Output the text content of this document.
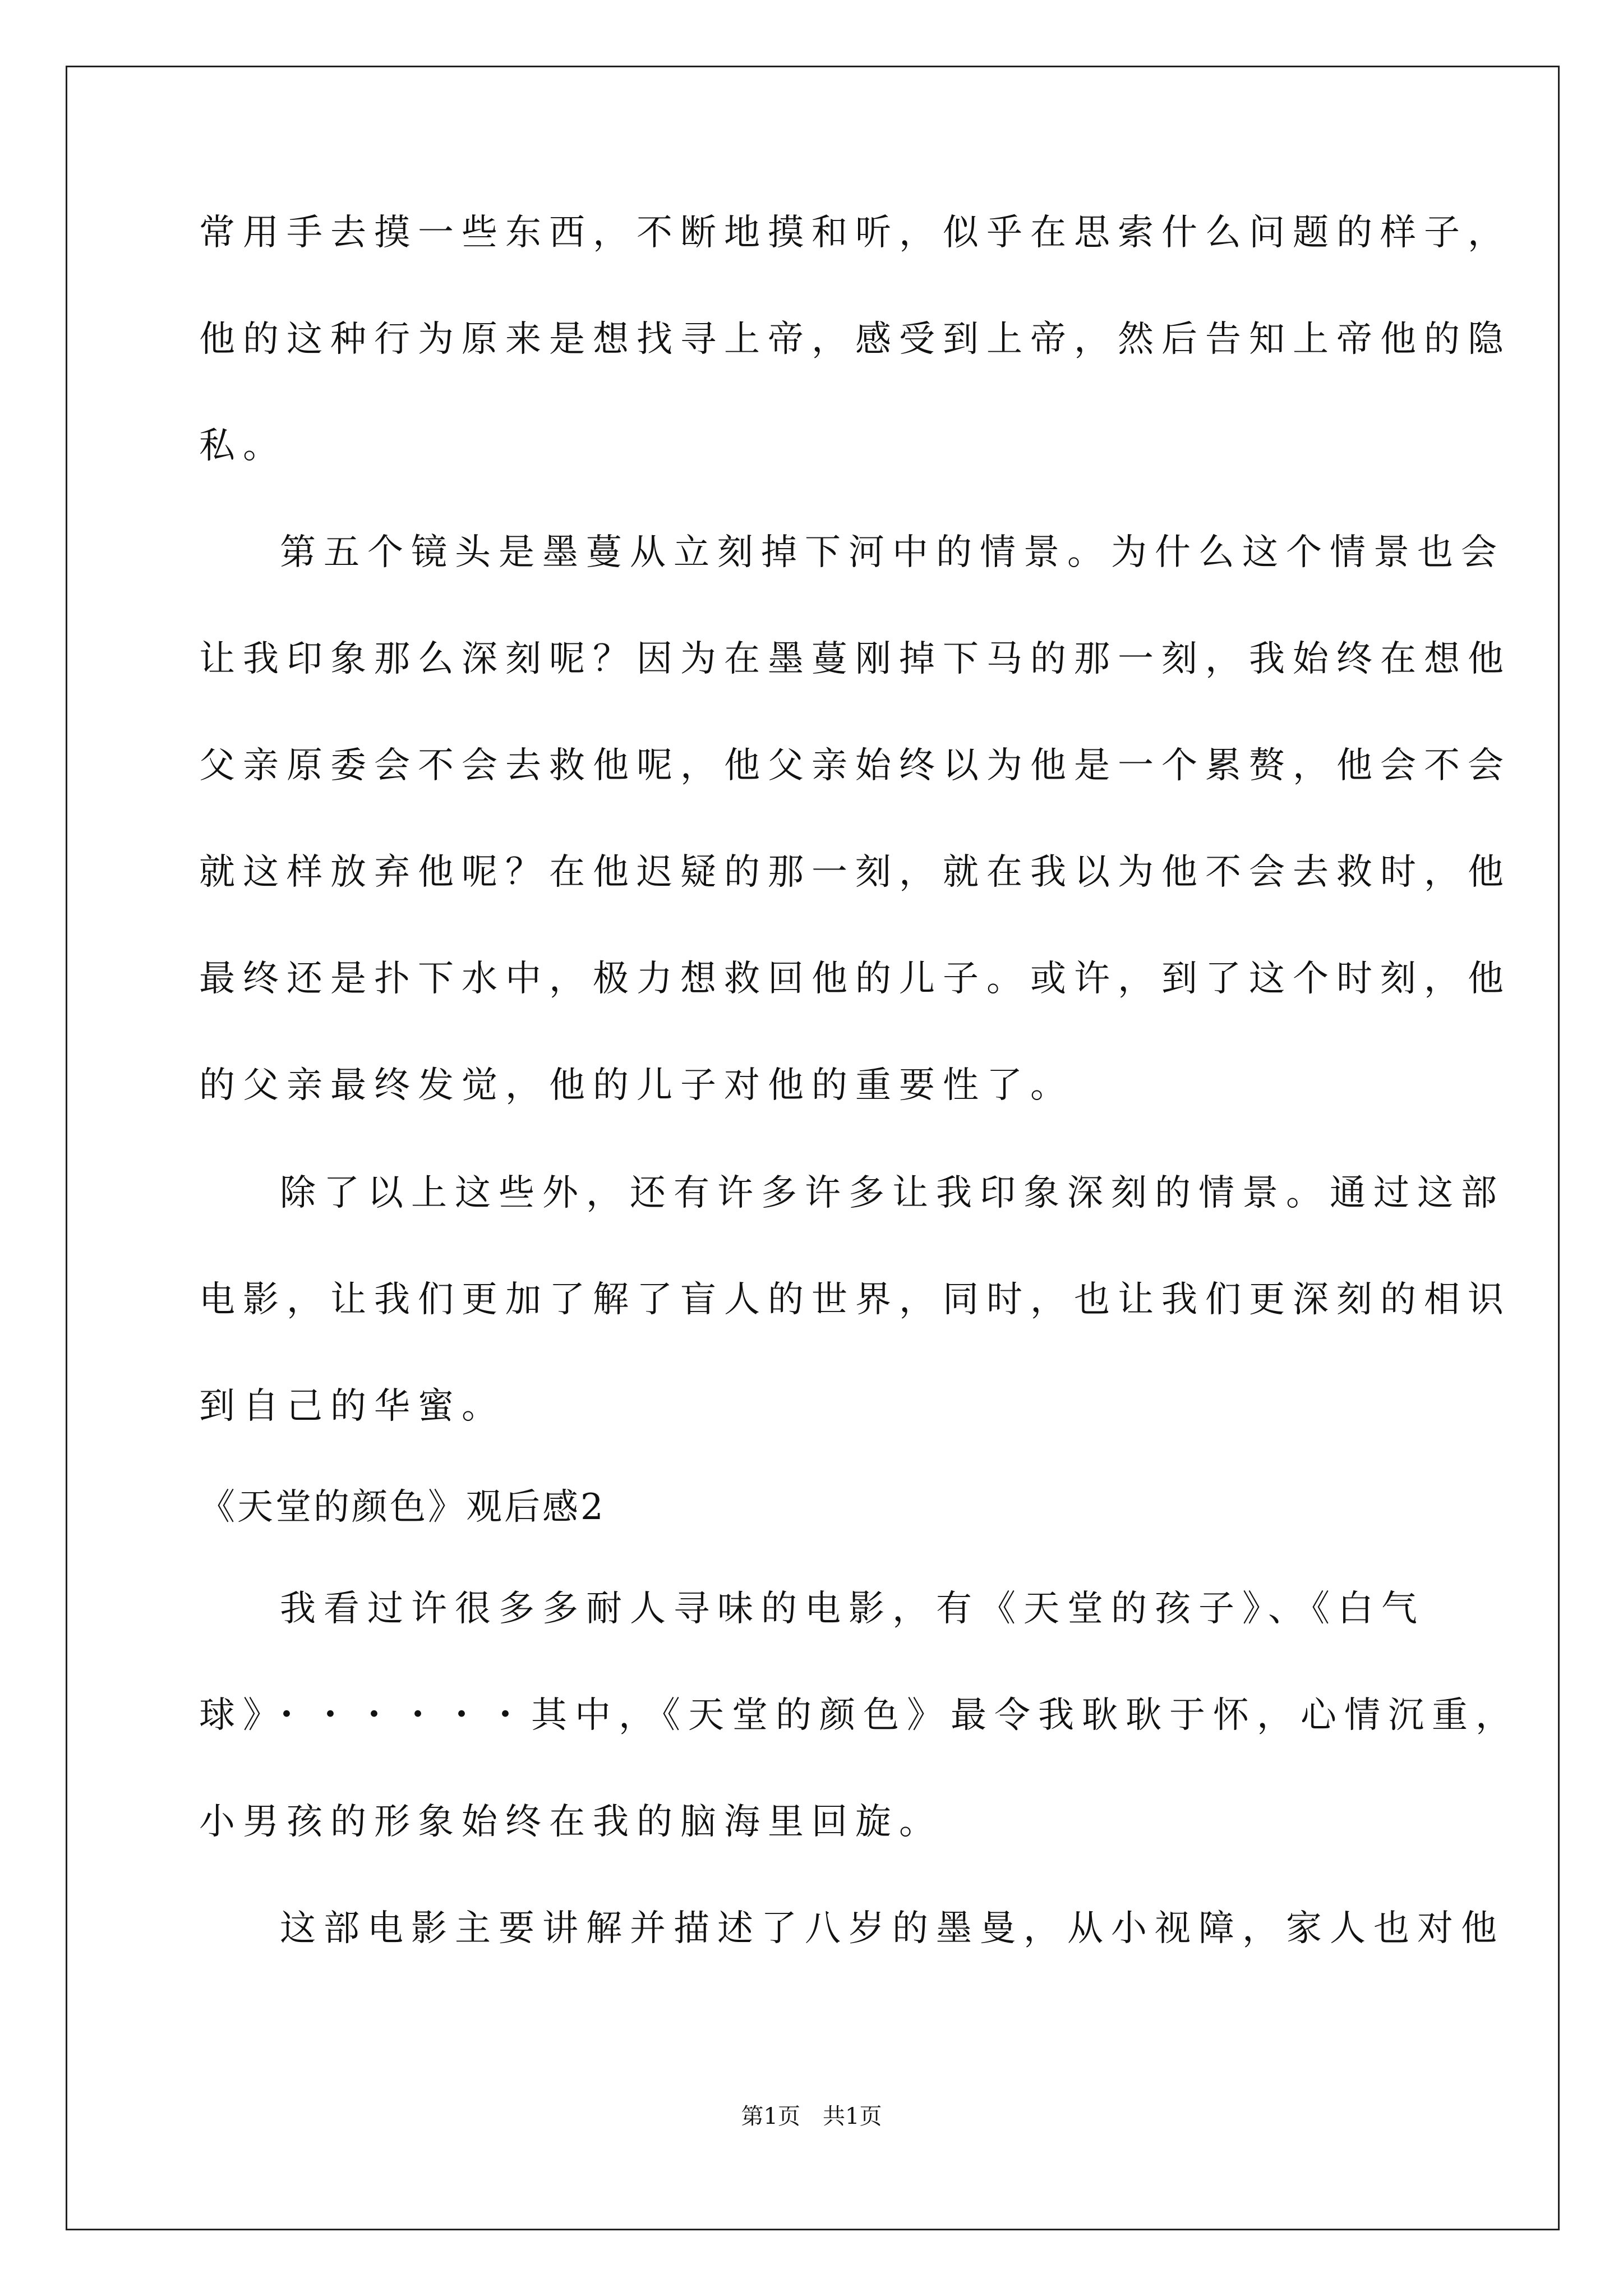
常用手去摸一些东西，不断地摸和听，似乎在思索什么问题的样子，
他的这种行为原来是想找寻上帝，感受到上帝，然后告知上帝他的隐
私。
第五个镜头是墨蔓从立刻掉下河中的情景。为什么这个情景也会
让我印象那么深刻呢？因为在墨蔓刚掉下马的那一刻，我始终在想他
父亲原委会不会去救他呢，他父亲始终以为他是一个累赘，他会不会
就这样放弃他呢？在他迟疑的那一刻，就在我以为他不会去救时，他
最终还是扑下水中，极力想救回他的儿子。或许，到了这个时刻，他
的父亲最终发觉，他的儿子对他的重要性了。
除了以上这些外，还有许多许多让我印象深刻的情景。通过这部
电影，让我们更加了解了盲人的世界，同时，也让我们更深刻的相识
到自己的华蜜。
《天堂的颜色》观后感2
我看过许很多多耐人寻味的电影，有《天堂的孩子》、《白气
球》・・・・・・其中，《天堂的颜色》最令我耿耿于怀，心情沉重，
小男孩的形象始终在我的脑海里回旋。
这部电影主要讲解并描述了八岁的墨曼，从小视障，家人也对他
第1页　共1页
